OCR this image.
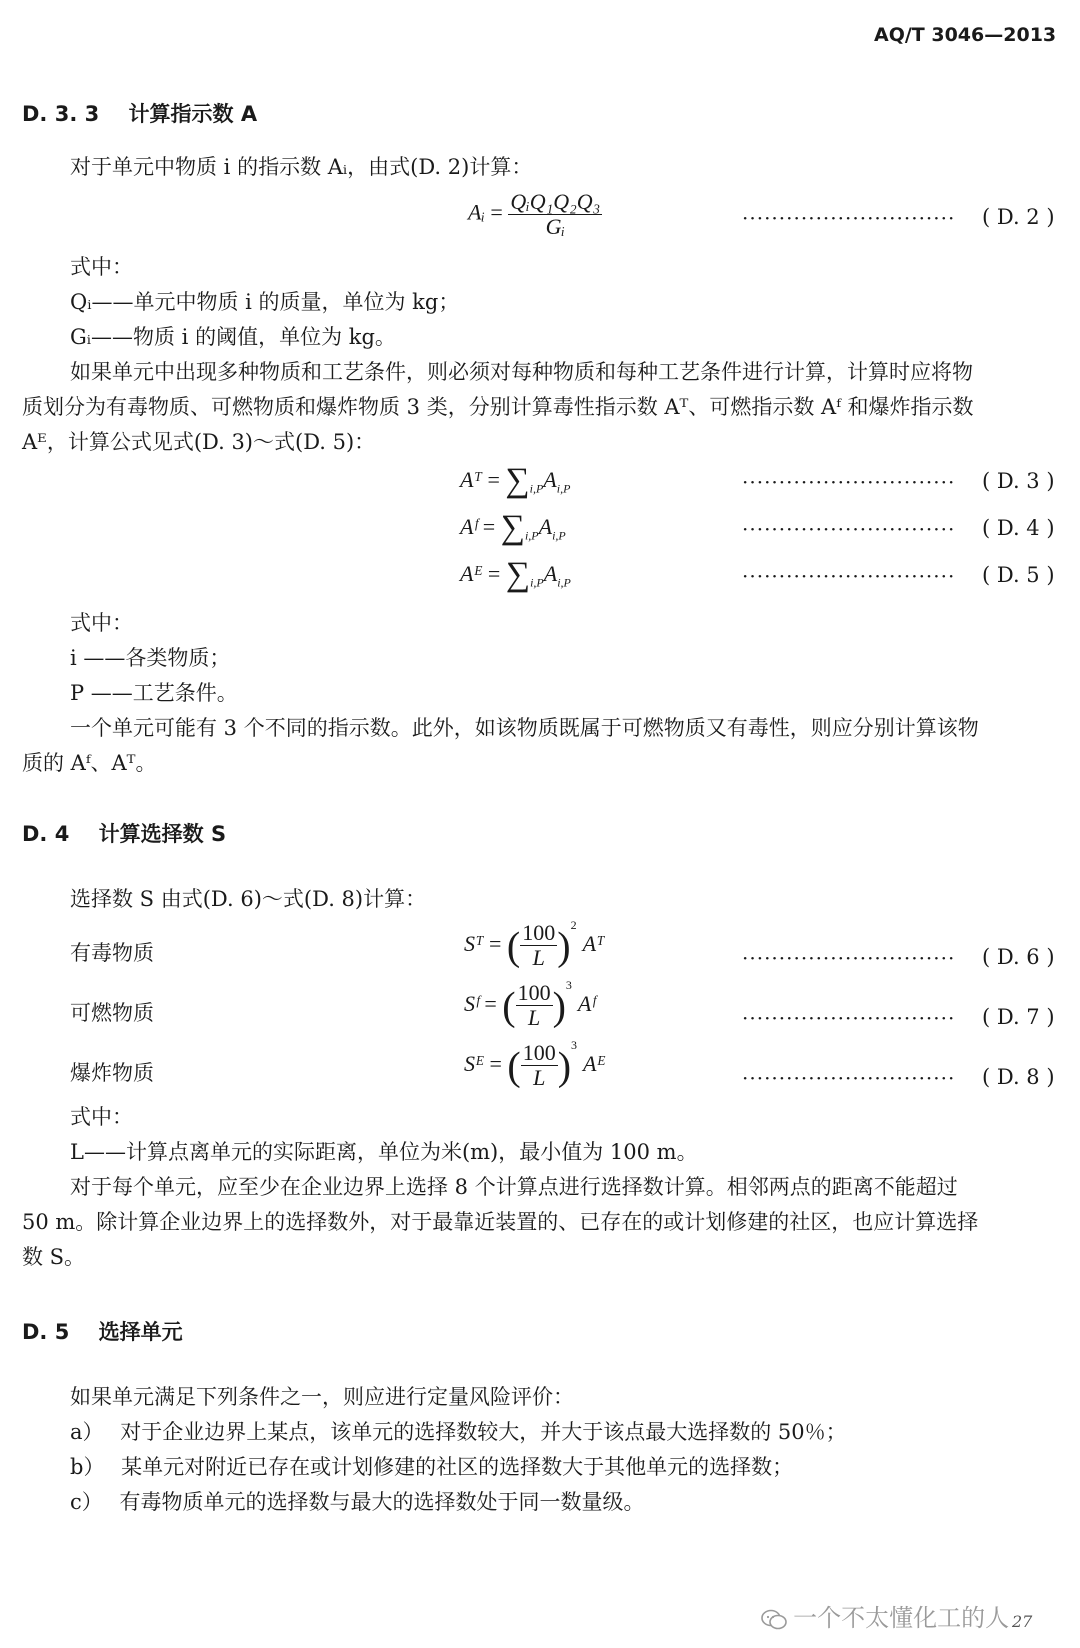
AQ/T 3046—2013
D. 3. 3 计算指示数 A
对于单元中物质 i 的指示数 Aᵢ，由式(D. 2)计算：
Aᵢ = $\frac{\text{QᵢQ₁Q₂Q₃}}{\text{Gᵢ}}$	····························· ( D. 2 )
式中：
Qᵢ——单元中物质 i 的质量，单位为 kg；
Gᵢ——物质 i 的阈值，单位为 kg。
如果单元中出现多种物质和工艺条件，则必须对每种物质和每种工艺条件进行计算，计算时应将物
质划分为有毒物质、可燃物质和爆炸物质 3 类，分别计算毒性指示数 Aᵀ、可燃指示数 Aᶠ 和爆炸指示数
Aᴱ，计算公式见式(D. 3)～式(D. 5)：
Aᵀ = $\sum_{i,P}A_{i,P}$	····························· ( D. 3 )
Aᶠ = $\sum_{i,P}A_{i,P}$	····························· ( D. 4 )
Aᴱ = $\sum_{i,P}A_{i,P}$	····························· ( D. 5 )
式中：
i ——各类物质；
P ——工艺条件。
一个单元可能有 3 个不同的指示数。此外，如该物质既属于可燃物质又有毒性，则应分别计算该物
质的 Aᶠ、Aᵀ。
D. 4 计算选择数 S
选择数 S 由式(D. 6)～式(D. 8)计算：
有毒物质	Sᵀ = ( $\frac{100}{L}$ )$^2$Aᵀ
····························· ( D. 6 )
可燃物质	Sᶠ = ( $\frac{100}{L}$ )$^3$Aᶠ
····························· ( D. 7 )
爆炸物质	Sᴱ = ( $\frac{100}{L}$ )$^3$Aᴱ
····························· ( D. 8 )
式中：
L——计算点离单元的实际距离，单位为米(m)，最小值为 100 m。
对于每个单元，应至少在企业边界上选择 8 个计算点进行选择数计算。相邻两点的距离不能超过
50 m。除计算企业边界上的选择数外，对于最靠近装置的、已存在的或计划修建的社区，也应计算选择
数 S。
D. 5 选择单元
如果单元满足下列条件之一，则应进行定量风险评价：
a） 对于企业边界上某点，该单元的选择数较大，并大于该点最大选择数的 50％；
b） 某单元对附近已存在或计划修建的社区的选择数大于其他单元的选择数；
c） 有毒物质单元的选择数与最大的选择数处于同一数量级。
一个不太懂化工的人 27
